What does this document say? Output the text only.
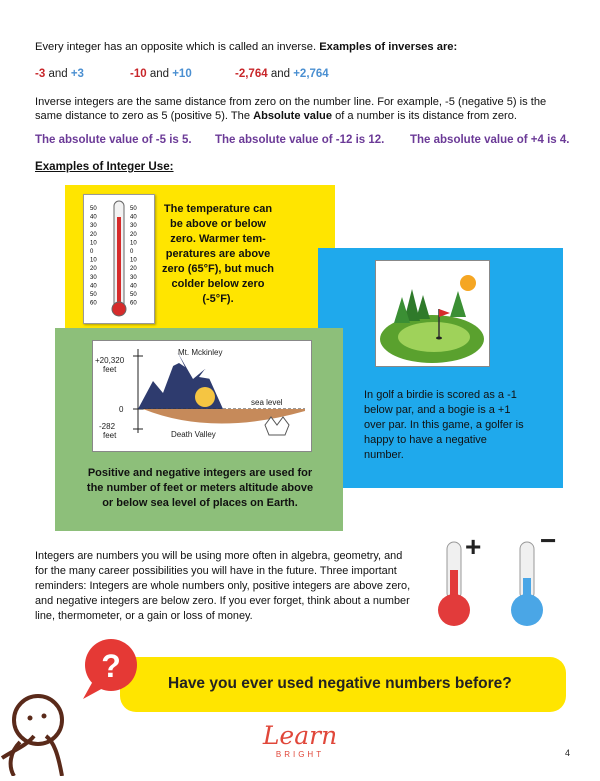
Every integer has an opposite which is called an inverse. Examples of inverses are:
-3 and +3	-10 and +10	-2,764 and +2,764
Inverse integers are the same distance from zero on the number line. For example, -5 (negative 5) is the same distance to zero as 5 (positive 5). The Absolute value of a number is its distance from zero.
The absolute value of -5 is 5. The absolute value of -12 is 12. The absolute value of +4 is 4.
Examples of Integer Use:
50	50
40	40
30	30
20	20
10	10
0	0
10	10
20	20
30	30
40	40
50	50
60	60
The temperature can be above or below zero. Warmer tem-peratures are above zero (65°F), but much colder below zero (-5°F).
In golf a birdie is scored as a -1 below par, and a bogie is a +1 over par. In this game, a golfer is happy to have a negative number.
Mt. Mckinley
+20,320
feet
0
sea level
-282
feet	Death Valley
Positive and negative integers are used for the number of feet or meters altitude above or below sea level of places on Earth.
Integers are numbers you will be using more often in algebra, geometry, and for the many career possibilities you will have in the future. Three important reminders: Integers are whole numbers only, positive integers are above zero, and negative integers are below zero. If you ever forget, think about a number line, thermometer, or a gain or loss of money.
+ −
?	Have you ever used negative numbers before?
Learn
BRIGHT	4
